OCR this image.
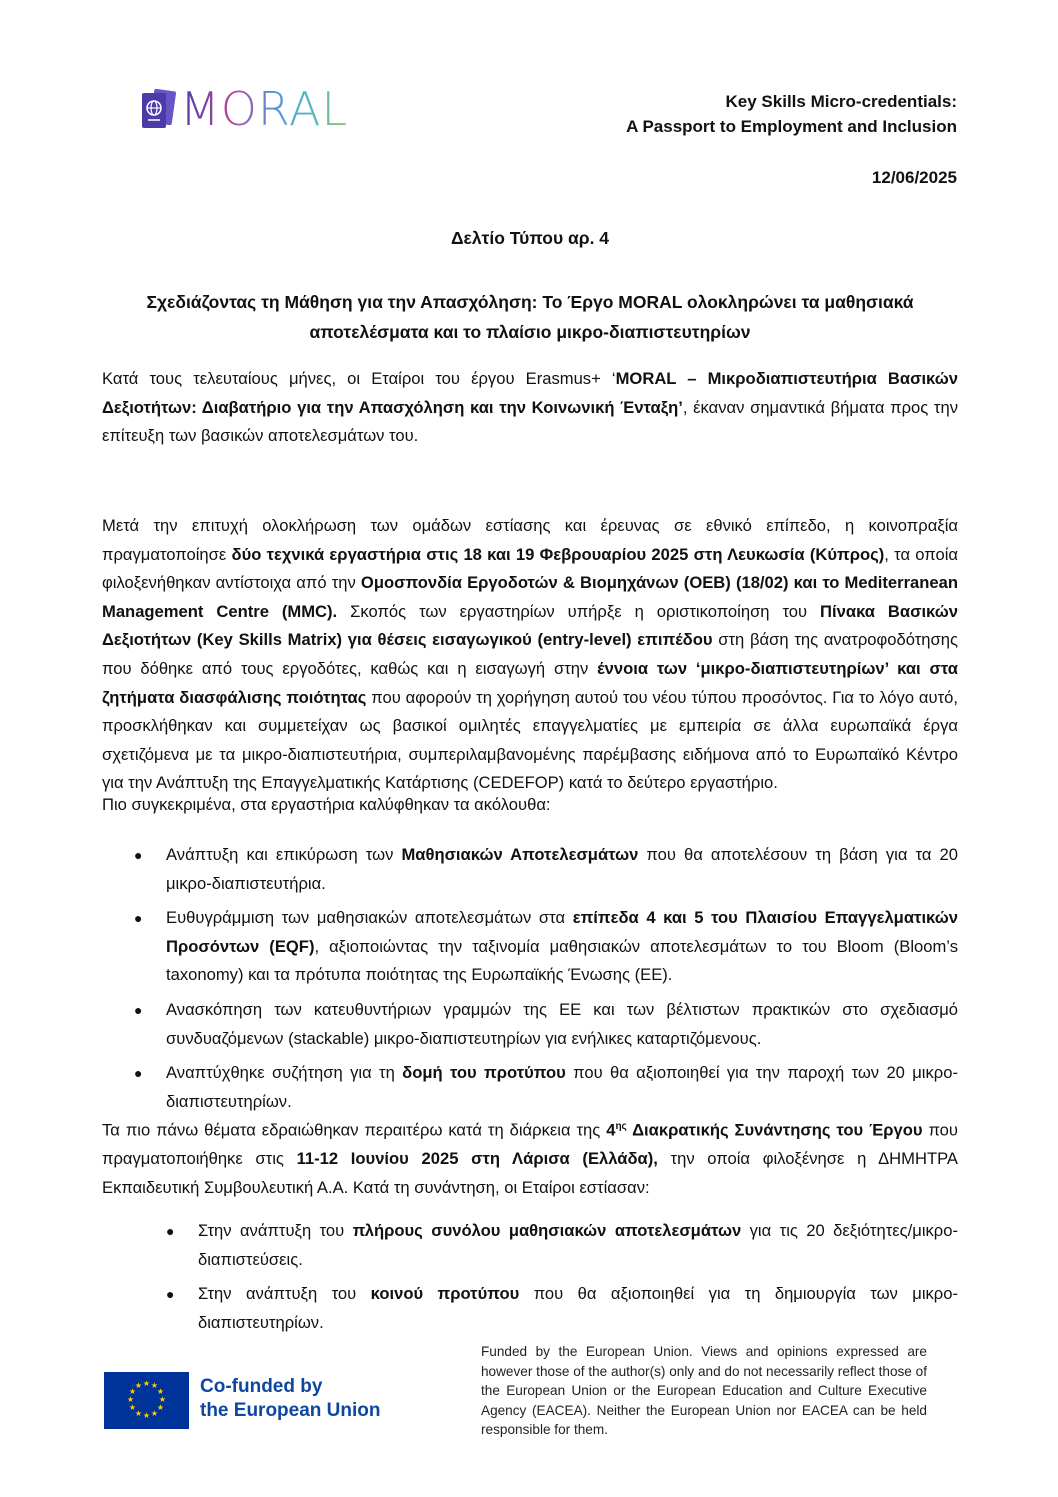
MORAL	Key Skills Micro-credentials:
A Passport to Employment and Inclusion
12/06/2025
Δελτίο Τύπου αρ. 4
Σχεδιάζοντας τη Μάθηση για την Απασχόληση: Το Έργο MORAL ολοκληρώνει τα μαθησιακά
αποτελέσματα και το πλαίσιο μικρο-διαπιστευτηρίων
Κατά τους τελευταίους μήνες, οι Εταίροι του έργου Erasmus+ ‘MORAL – Μικροδιαπιστευτήρια Βασικών Δεξιοτήτων: Διαβατήριο για την Απασχόληση και την Κοινωνική Ένταξη’, έκαναν σημαντικά βήματα προς την επίτευξη των βασικών αποτελεσμάτων του.
Μετά την επιτυχή ολοκλήρωση των ομάδων εστίασης και έρευνας σε εθνικό επίπεδο, η κοινοπραξία πραγματοποίησε δύο τεχνικά εργαστήρια στις 18 και 19 Φεβρουαρίου 2025 στη Λευκωσία (Κύπρος), τα οποία φιλοξενήθηκαν αντίστοιχα από την Ομοσπονδία Εργοδοτών & Βιομηχάνων (OEB) (18/02) και το Mediterranean Management Centre (MMC). Σκοπός των εργαστηρίων υπήρξε η οριστικοποίηση του Πίνακα Βασικών Δεξιοτήτων (Key Skills Matrix) για θέσεις εισαγωγικού (entry-level) επιπέδου στη βάση της ανατροφοδότησης που δόθηκε από τους εργοδότες, καθώς και η εισαγωγή στην έννοια των ‘μικρο-διαπιστευτηρίων’ και στα ζητήματα διασφάλισης ποιότητας που αφορούν τη χορήγηση αυτού του νέου τύπου προσόντος. Για το λόγο αυτό, προσκλήθηκαν και συμμετείχαν ως βασικοί ομιλητές επαγγελματίες με εμπειρία σε άλλα ευρωπαϊκά έργα σχετιζόμενα με τα μικρο-διαπιστευτήρια, συμπεριλαμβανομένης παρέμβασης ειδήμονα από το Ευρωπαϊκό Κέντρο για την Ανάπτυξη της Επαγγελματικής Κατάρτισης (CEDEFOP) κατά το δεύτερο εργαστήριο.
Πιο συγκεκριμένα, στα εργαστήρια καλύφθηκαν τα ακόλουθα:
● Ανάπτυξη και επικύρωση των Μαθησιακών Αποτελεσμάτων που θα αποτελέσουν τη βάση για τα 20 μικρο-διαπιστευτήρια.
● Ευθυγράμμιση των μαθησιακών αποτελεσμάτων στα επίπεδα 4 και 5 του Πλαισίου Επαγγελματικών Προσόντων (EQF), αξιοποιώντας την ταξινομία μαθησιακών αποτελεσμάτων το του Bloom (Bloom’s taxonomy) και τα πρότυπα ποιότητας της Ευρωπαϊκής Ένωσης (ΕΕ).
● Ανασκόπηση των κατευθυντήριων γραμμών της ΕΕ και των βέλτιστων πρακτικών στο σχεδιασμό συνδυαζόμενων (stackable) μικρο-διαπιστευτηρίων για ενήλικες καταρτιζόμενους.
● Αναπτύχθηκε συζήτηση για τη δομή του προτύπου που θα αξιοποιηθεί για την παροχή των 20 μικρο-διαπιστευτηρίων.
Τα πιο πάνω θέματα εδραιώθηκαν περαιτέρω κατά τη διάρκεια της $4^{\eta\varsigma}$ Διακρατικής Συνάντησης του Έργου που πραγματοποιήθηκε στις 11-12 Ιουνίου 2025 στη Λάρισα (Ελλάδα), την οποία φιλοξένησε η ΔΗΜΗΤΡΑ Εκπαιδευτική Συμβουλευτική Α.Α. Κατά τη συνάντηση, οι Εταίροι εστίασαν:
● Στην ανάπτυξη του πλήρους συνόλου μαθησιακών αποτελεσμάτων για τις 20 δεξιότητες/μικρο-διαπιστεύσεις.
● Στην ανάπτυξη του κοινού προτύπου που θα αξιοποιηθεί για τη δημιουργία των μικρο-διαπιστευτηρίων.
★ ★
★
★
★
★
★
★
★
★
★
★	Co-funded by
the European Union
Funded by the European Union. Views and opinions expressed are however those of the author(s) only and do not necessarily reflect those of the European Union or the European Education and Culture Executive Agency (EACEA). Neither the European Union nor EACEA can be held responsible for them.
